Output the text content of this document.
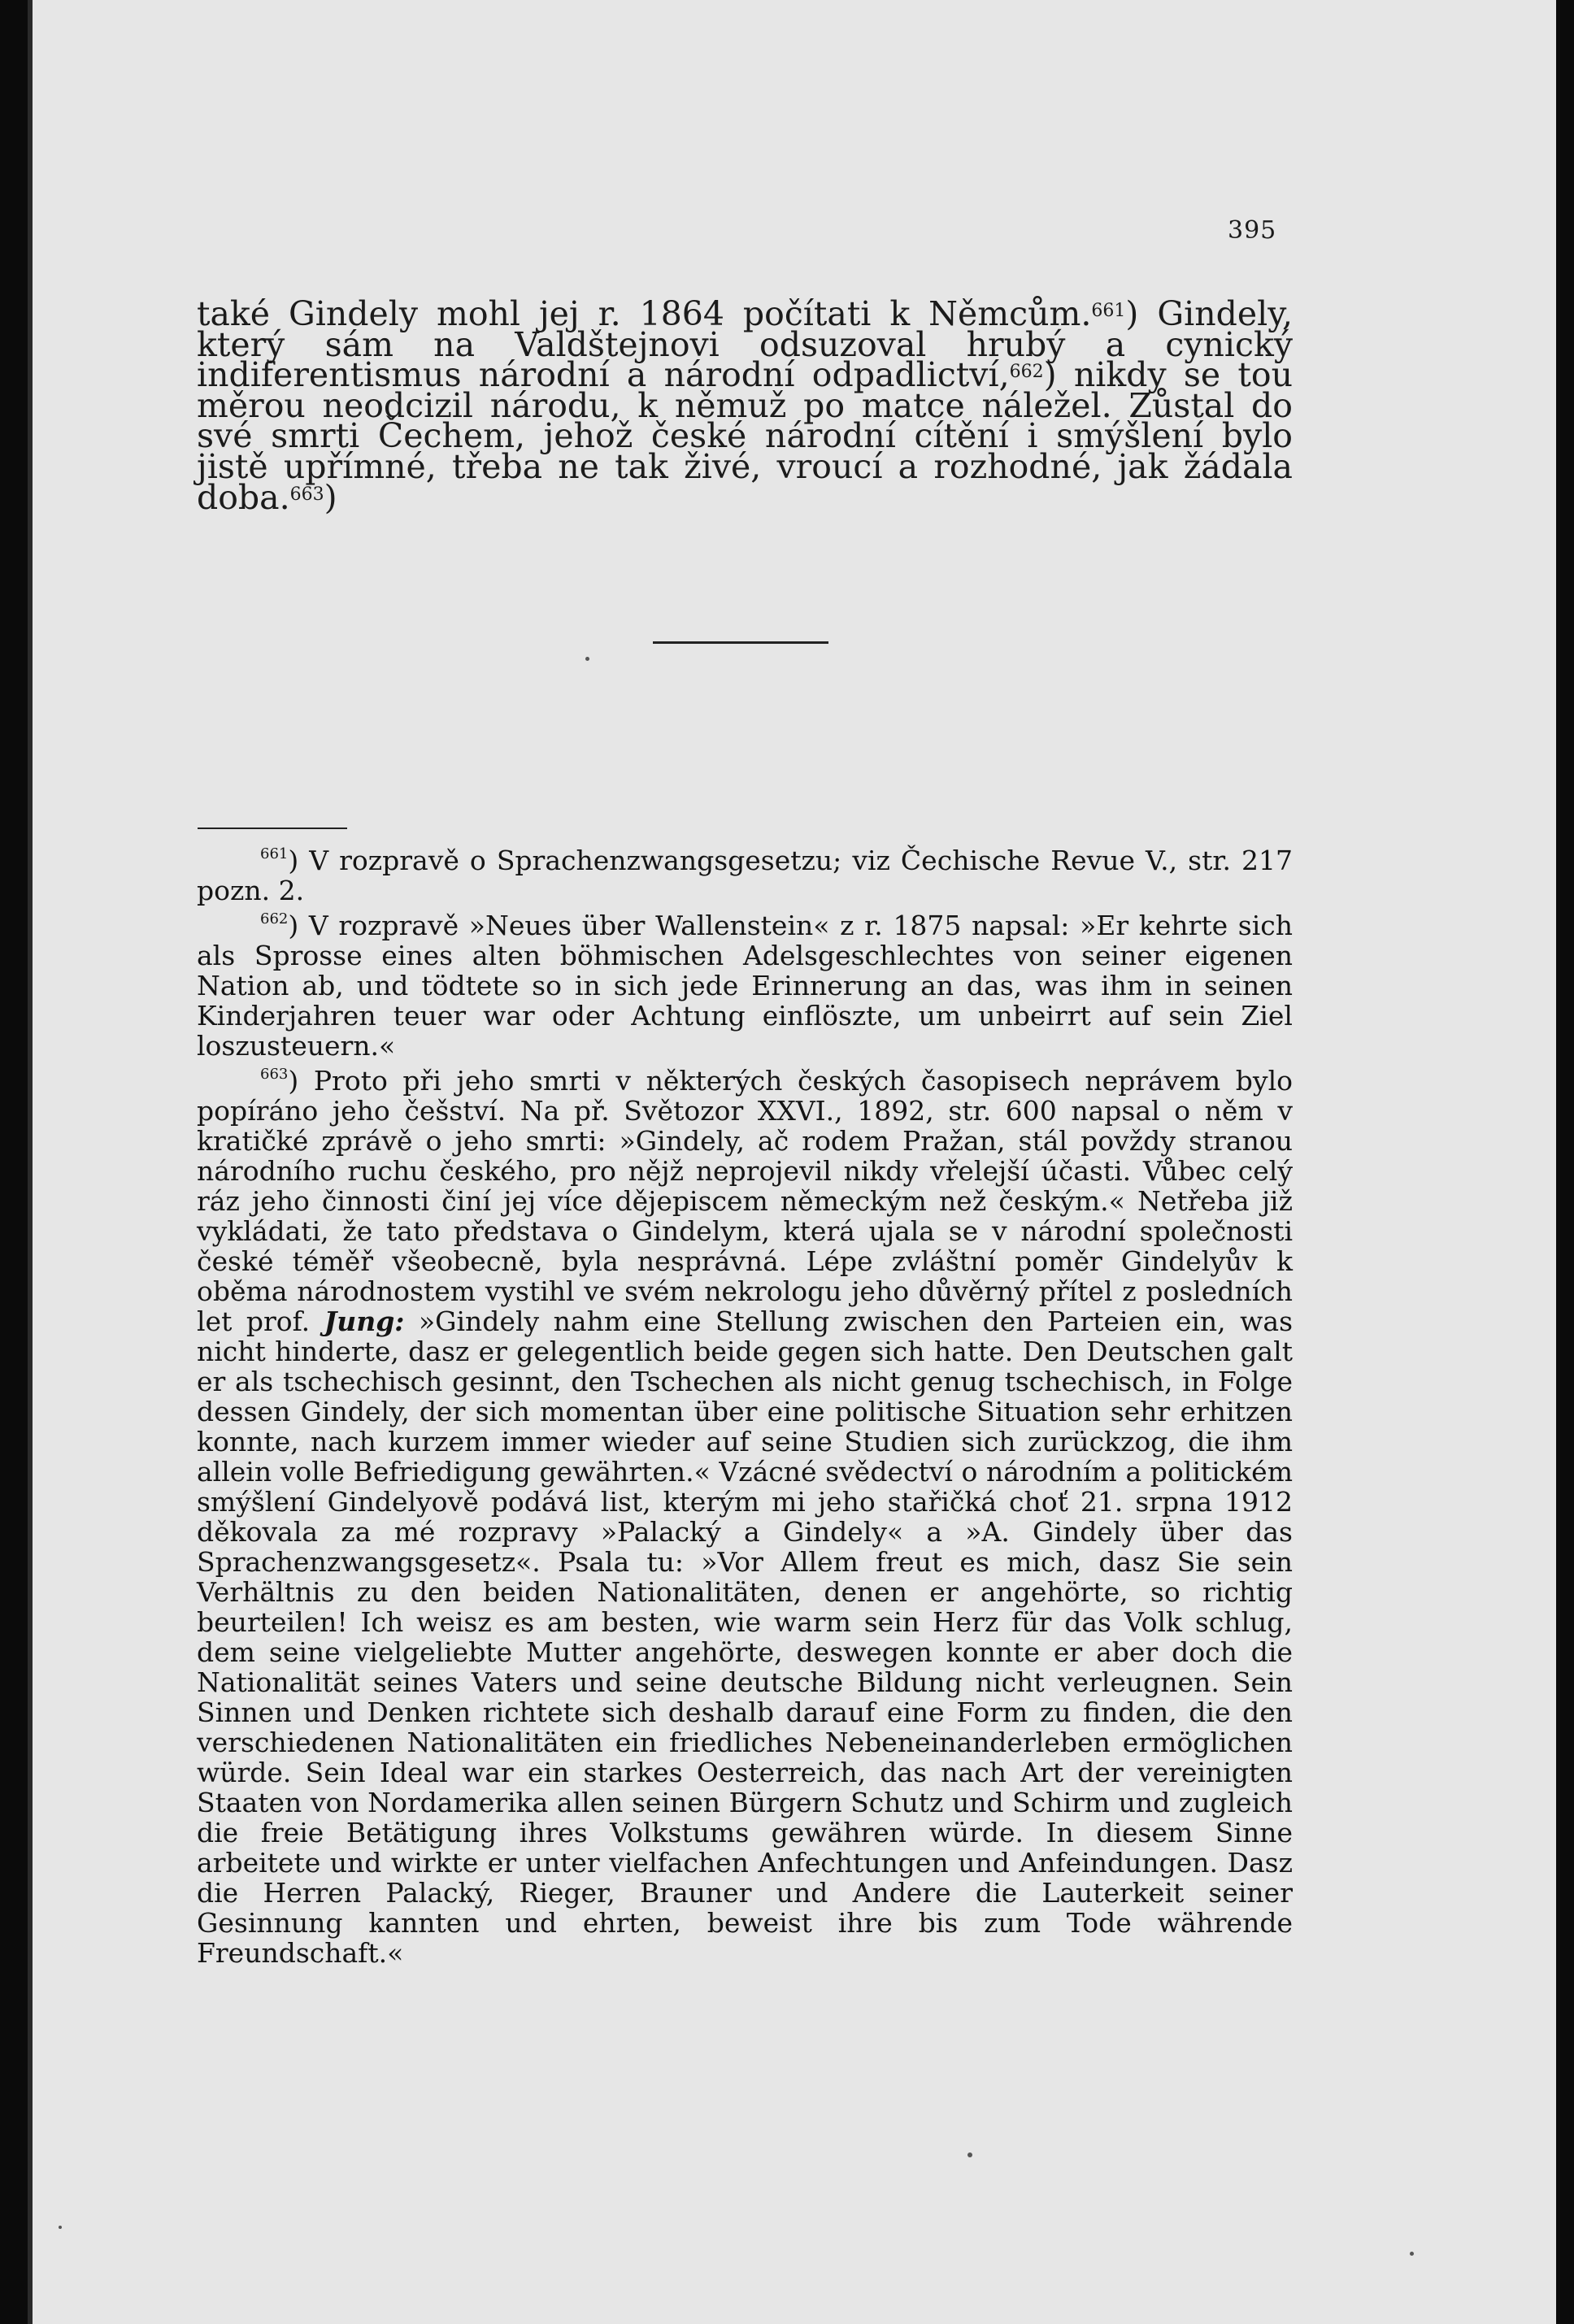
395

také Gindely mohl jej r. 1864 počítati k Němcům.$^{661}$) Gindely, který sám na Valdštejnovi odsuzoval hrubý a cynický indiferentismus národní a národní odpadlictví,$^{662}$) nikdy se tou měrou neodcizil národu, k němuž po matce náležel. Zůstal do své smrti Čechem, jehož české národní cítění i smýšlení bylo jistě upřímné, třeba ne tak živé, vroucí a rozhodné, jak žádala doba.$^{663}$)

$^{661}$) V rozpravě o Sprachenzwangsgesetzu; viz Čechische Revue V., str. 217 pozn. 2.

$^{662}$) V rozpravě »Neues über Wallenstein« z r. 1875 napsal: »Er kehrte sich als Sprosse eines alten böhmischen Adelsgeschlechtes von seiner eigenen Nation ab, und tödtete so in sich jede Erinnerung an das, was ihm in seinen Kinderjahren teuer war oder Achtung einflöszte, um unbeirrt auf sein Ziel loszusteuern.«

$^{663}$) Proto při jeho smrti v některých českých časopisech neprávem bylo popíráno jeho češství. Na př. Světozor XXVI., 1892, str. 600 napsal o něm v kratičké zprávě o jeho smrti: »Gindely, ač rodem Pražan, stál povždy stranou národního ruchu českého, pro nějž neprojevil nikdy vřelejší účasti. Vůbec celý ráz jeho činnosti činí jej více dějepiscem německým než českým.« Netřeba již vykládati, že tato představa o Gindelym, která ujala se v národní společnosti české téměř všeobecně, byla nesprávná. Lépe zvláštní poměr Gindelyův k oběma národnostem vystihl ve svém nekrologu jeho důvěrný přítel z posledních let prof. Jung: »Gindely nahm eine Stellung zwischen den Parteien ein, was nicht hinderte, dasz er gelegentlich beide gegen sich hatte. Den Deutschen galt er als tschechisch gesinnt, den Tschechen als nicht genug tschechisch, in Folge dessen Gindely, der sich momentan über eine politische Situation sehr erhitzen konnte, nach kurzem immer wieder auf seine Studien sich zurückzog, die ihm allein volle Befriedigung gewährten.« Vzácné svědectví o národním a politickém smýšlení Gindelyově podává list, kterým mi jeho stařičká choť 21. srpna 1912 děkovala za mé rozpravy »Palacký a Gindely« a »A. Gindely über das Sprachenzwangsgesetz«. Psala tu: »Vor Allem freut es mich, dasz Sie sein Verhältnis zu den beiden Nationalitäten, denen er angehörte, so richtig beurteilen! Ich weisz es am besten, wie warm sein Herz für das Volk schlug, dem seine vielgeliebte Mutter angehörte, deswegen konnte er aber doch die Nationalität seines Vaters und seine deutsche Bildung nicht verleugnen. Sein Sinnen und Denken richtete sich deshalb darauf eine Form zu finden, die den verschiedenen Nationalitäten ein friedliches Nebeneinanderleben ermöglichen würde. Sein Ideal war ein starkes Oesterreich, das nach Art der vereinigten Staaten von Nordamerika allen seinen Bürgern Schutz und Schirm und zugleich die freie Betätigung ihres Volkstums gewähren würde. In diesem Sinne arbeitete und wirkte er unter vielfachen Anfechtungen und Anfeindungen. Dasz die Herren Palacký, Rieger, Brauner und Andere die Lauterkeit seiner Gesinnung kannten und ehrten, beweist ihre bis zum Tode währende Freundschaft.«
